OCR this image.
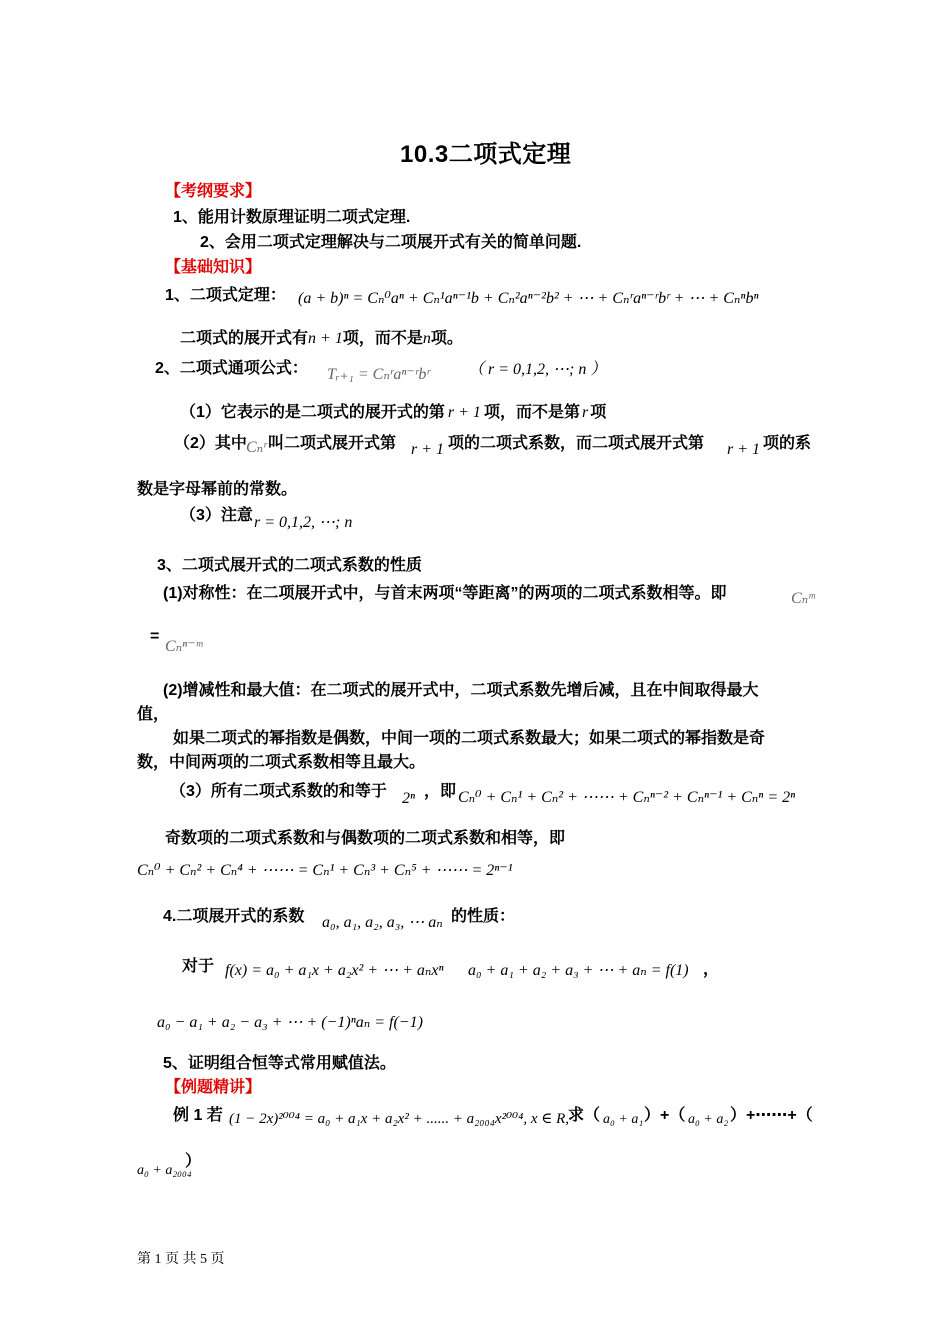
10.3二项式定理
【考纲要求】
1、能用计数原理证明二项式定理.
2、会用二项式定理解决与二项展开式有关的简单问题.
【基础知识】
1、二项式定理： (a + b)ⁿ = Cₙ⁰aⁿ + Cₙ¹aⁿ⁻¹b + Cₙ²aⁿ⁻²b² + ⋯ + Cₙʳaⁿ⁻ʳbʳ + ⋯ + Cₙⁿbⁿ
二项式的展开式有n + 1项，而不是n项。
2、二项式通项公式： Tᵣ₊₁ = Cₙʳaⁿ⁻ʳbʳ （ r = 0,1,2, ⋯; n ）
（1）它表示的是二项式的展开式的第 r + 1 项，而不是第 r 项
（2）其中 Cₙʳ 叫二项式展开式第 r + 1 项的二项式系数，而二项式展开式第 r + 1 项的系
数是字母幂前的常数。
（3）注意 r = 0,1,2, ⋯; n
3、二项式展开式的二项式系数的性质
(1)对称性：在二项展开式中，与首末两项“等距离”的两项的二项式系数相等。即	Cₙᵐ
=
Cₙⁿ⁻ᵐ
(2)增减性和最大值：在二项式的展开式中，二项式系数先增后减，且在中间取得最大
值，
如果二项式的幂指数是偶数，中间一项的二项式系数最大；如果二项式的幂指数是奇
数，中间两项的二项式系数相等且最大。
（3）所有二项式系数的和等于 2ⁿ ，即 Cₙ⁰ + Cₙ¹ + Cₙ² + ⋯⋯ + Cₙⁿ⁻² + Cₙⁿ⁻¹ + Cₙⁿ = 2ⁿ
奇数项的二项式系数和与偶数项的二项式系数和相等，即
Cₙ⁰ + Cₙ² + Cₙ⁴ + ⋯⋯ = Cₙ¹ + Cₙ³ + Cₙ⁵ + ⋯⋯ = 2ⁿ⁻¹
4.二项展开式的系数 a₀, a₁, a₂, a₃, ⋯ aₙ 的性质：
对于 f(x) = a₀ + a₁x + a₂x² + ⋯ + aₙxⁿ a₀ + a₁ + a₂ + a₃ + ⋯ + aₙ = f(1) ，
a₀ − a₁ + a₂ − a₃ + ⋯ + (−1)ⁿaₙ = f(−1)
5、证明组合恒等式常用赋值法。
【例题精讲】
例 1 若 (1 − 2x)²⁰⁰⁴ = a₀ + a₁x + a₂x² + ...... + a₂₀₀₄x²⁰⁰⁴, x ∈ R,
求（ a₀ + a₁ ）+（ a₀ + a₂ ）+⋯⋯+（
a₀ + a₂₀₀₄
）
第 1 页 共 5 页
